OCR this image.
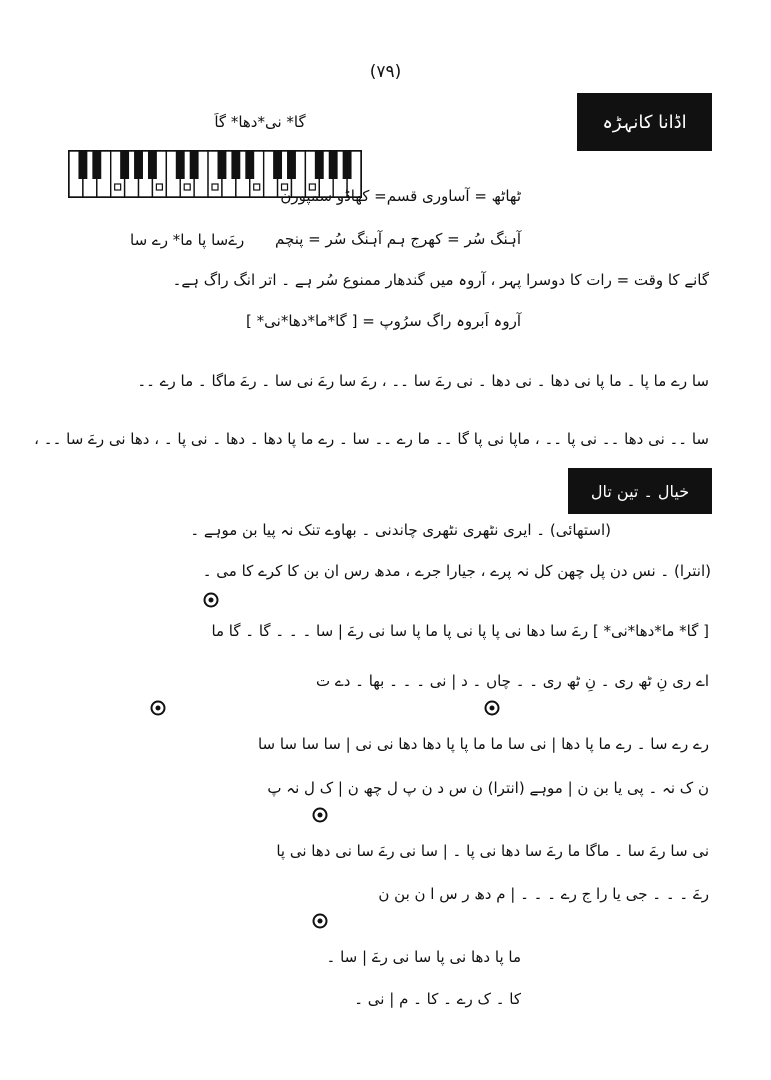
(۷۹)
اڈانا کانہڑہ
گا* نی*دھا* گاَ
ٹھاٹھ = آساوری قسم= کھاڈو سمپورن
آہنگ سُر = کھرج ہم آہنگ سُر = پنچم
رےَسا پا ما* رے سا
گانے کا وقت = رات کا دوسرا پہر ، آروہ میں گندھار ممنوع سُر ہے ۔ اتر انگ راگ ہے۔
آروہ اَبروہ راگ سرُوپ = [ گا*ما*دھا*نی* ]
سا رے ما پا ۔ ما پا نی دھا ۔ نی دھا ۔ نی رےَ سا ۔۔ ، رےَ سا رےَ نی سا ۔ رےَ ماگا ۔ ما رے ۔۔
سا ۔۔ نی دھا ۔۔ نی پا ۔۔ ، ماپا نی پا گا ۔۔ ما رے ۔۔ سا ۔ رے ما پا دھا ۔ دھا ۔ نی پا ۔ ، دھا نی رےَ سا ۔۔ ،
خیال ۔ تین تال
(استھائی) ۔ ایری نٹھری نٹھری چاندنی ۔ بھاوے تنک نہ پیا بن موہے ۔
(انترا) ۔ نس دن پل چھن کل نہ پرے ، جیارا جرے ، مدھ رس ان بن کا کرے کا می ۔
[ گا* ما*دھا*نی* ] رےَ سا دھا نی پا پا نی پا ما پا سا نی رےَ | سا ۔ ۔ ۔ گا ۔ گا ما
اے ری نِ ٹھ ری ۔ نِ ٹھ ری ۔ ۔ چاں ۔ د | نی ۔ ۔ ۔ بھا ۔ دے ت
رے رے سا ۔ رے ما پا دھا | نی سا ما ما پا پا دھا دھا نی نی | سا سا سا سا
ن ک نہ ۔ پی یا بن ن | موہے (انترا) ن س د ن پ ل چھ ن | ک ل نہ پ
نی سا رےَ سا ۔ ماگا ما رےَ سا دھا نی پا ۔ | سا نی رےَ سا نی دھا نی پا
رےَ ۔ ۔ ۔ جی یا را ج رے ۔ ۔ ۔ | م دھ ر س ا ن بن ن
ما پا دھا نی پا سا نی رےَ | سا ۔
کا ۔ ک رے ۔ کا ۔ م | نی ۔
